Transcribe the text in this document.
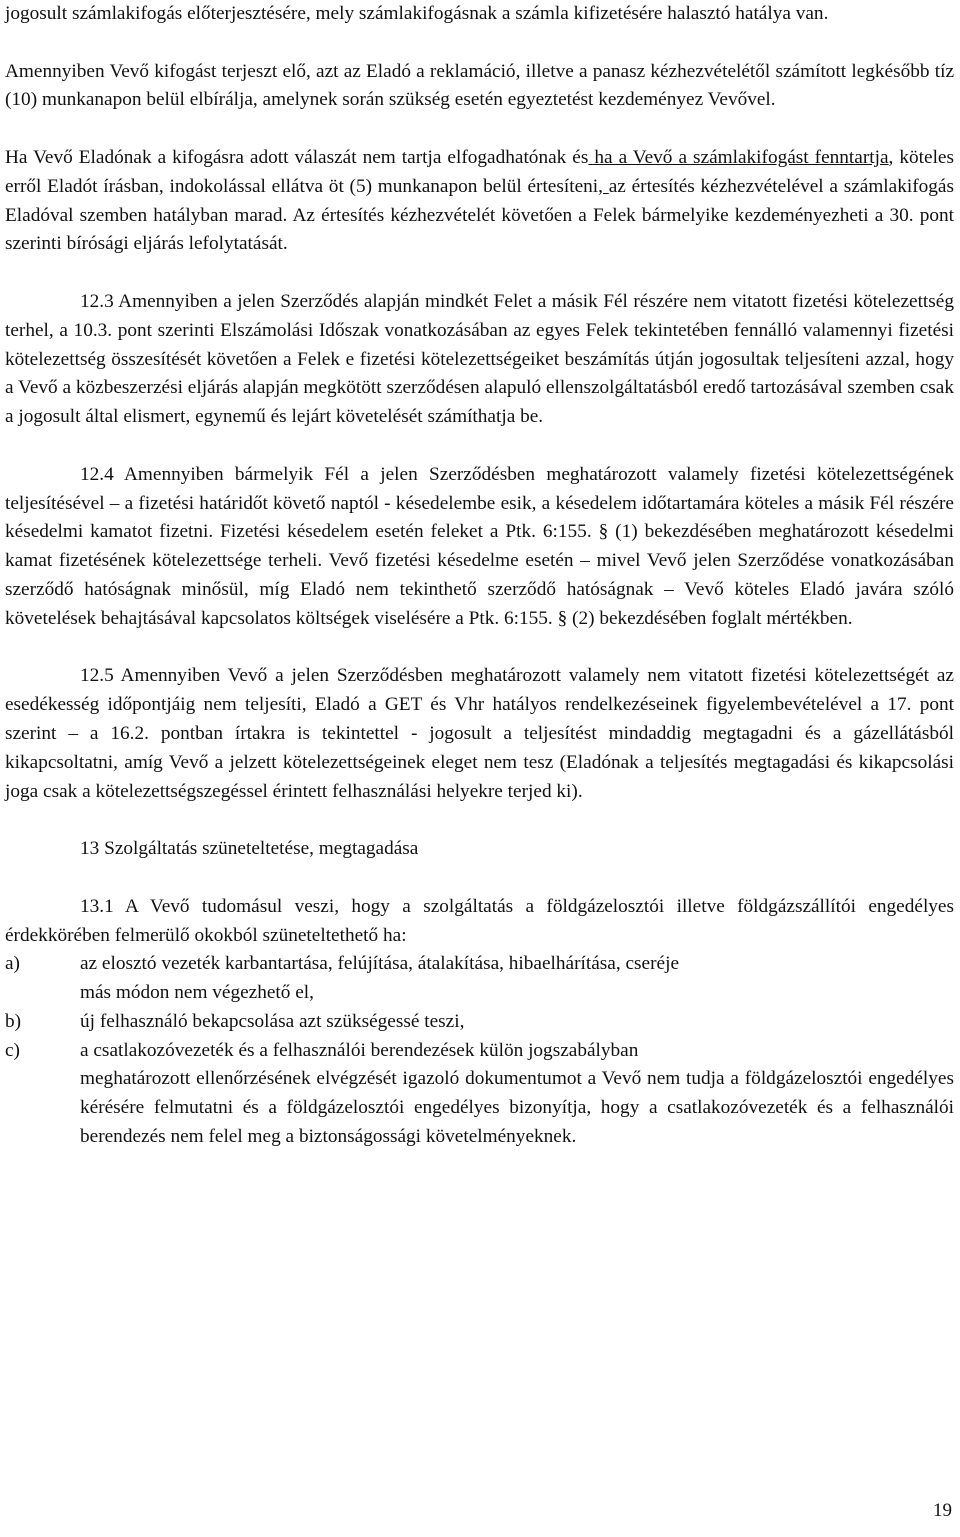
jogosult számlakifogás előterjesztésére, mely számlakifogásnak a számla kifizetésére halasztó hatálya van.

Amennyiben Vevő kifogást terjeszt elő, azt az Eladó a reklamáció, illetve a panasz kézhezvételétől számított legkésőbb tíz (10) munkanapon belül elbírálja, amelynek során szükség esetén egyeztetést kezdeményez Vevővel.

Ha Vevő Eladónak a kifogásra adott válaszát nem tartja elfogadhatónak és ha a Vevő a számlakifogást fenntartja, köteles erről Eladót írásban, indokolással ellátva öt (5) munkanapon belül értesíteni, az értesítés kézhezvételével a számlakifogás Eladóval szemben hatályban marad. Az értesítés kézhezvételét követően a Felek bármelyike kezdeményezheti a 30. pont szerinti bírósági eljárás lefolytatását.

12.3 Amennyiben a jelen Szerződés alapján mindkét Felet a másik Fél részére nem vitatott fizetési kötelezettség terhel, a 10.3. pont szerinti Elszámolási Időszak vonatkozásában az egyes Felek tekintetében fennálló valamennyi fizetési kötelezettség összesítését követően a Felek e fizetési kötelezettségeiket beszámítás útján jogosultak teljesíteni azzal, hogy a Vevő a közbeszerzési eljárás alapján megkötött szerződésen alapuló ellenszolgáltatásból eredő tartozásával szemben csak a jogosult által elismert, egynemű és lejárt követelését számíthatja be.

12.4 Amennyiben bármelyik Fél a jelen Szerződésben meghatározott valamely fizetési kötelezettségének teljesítésével – a fizetési határidőt követő naptól - késedelembe esik, a késedelem időtartamára köteles a másik Fél részére késedelmi kamatot fizetni. Fizetési késedelem esetén feleket a Ptk. 6:155. § (1) bekezdésében meghatározott késedelmi kamat fizetésének kötelezettsége terheli. Vevő fizetési késedelme esetén – mivel Vevő jelen Szerződése vonatkozásában szerződő hatóságnak minősül, míg Eladó nem tekinthető szerződő hatóságnak – Vevő köteles Eladó javára szóló követelések behajtásával kapcsolatos költségek viselésére a Ptk. 6:155. § (2) bekezdésében foglalt mértékben.

12.5 Amennyiben Vevő a jelen Szerződésben meghatározott valamely nem vitatott fizetési kötelezettségét az esedékesség időpontjáig nem teljesíti, Eladó a GET és Vhr hatályos rendelkezéseinek figyelembevételével a 17. pont szerint – a 16.2. pontban írtakra is tekintettel - jogosult a teljesítést mindaddig megtagadni és a gázellátásból kikapcsoltatni, amíg Vevő a jelzett kötelezettségeinek eleget nem tesz (Eladónak a teljesítés megtagadási és kikapcsolási joga csak a kötelezettségszegéssel érintett felhasználási helyekre terjed ki).

13 Szolgáltatás szüneteltetése, megtagadása

13.1 A Vevő tudomásul veszi, hogy a szolgáltatás a földgázelosztói illetve földgázszállítói engedélyes érdekkörében felmerülő okokból szüneteltethető ha:

a)	az elosztó vezeték karbantartása, felújítása, átalakítása, hibaelhárítása, cseréje

más módon nem végezhető el,

b)	új felhasználó bekapcsolása azt szükségessé teszi,
c)	a csatlakozóvezeték és a felhasználói berendezések külön jogszabályban

meghatározott ellenőrzésének elvégzését igazoló dokumentumot a Vevő nem tudja a földgázelosztói engedélyes kérésére felmutatni és a földgázelosztói engedélyes bizonyítja, hogy a csatlakozóvezeték és a felhasználói berendezés nem felel meg a biztonságossági követelményeknek.

19
